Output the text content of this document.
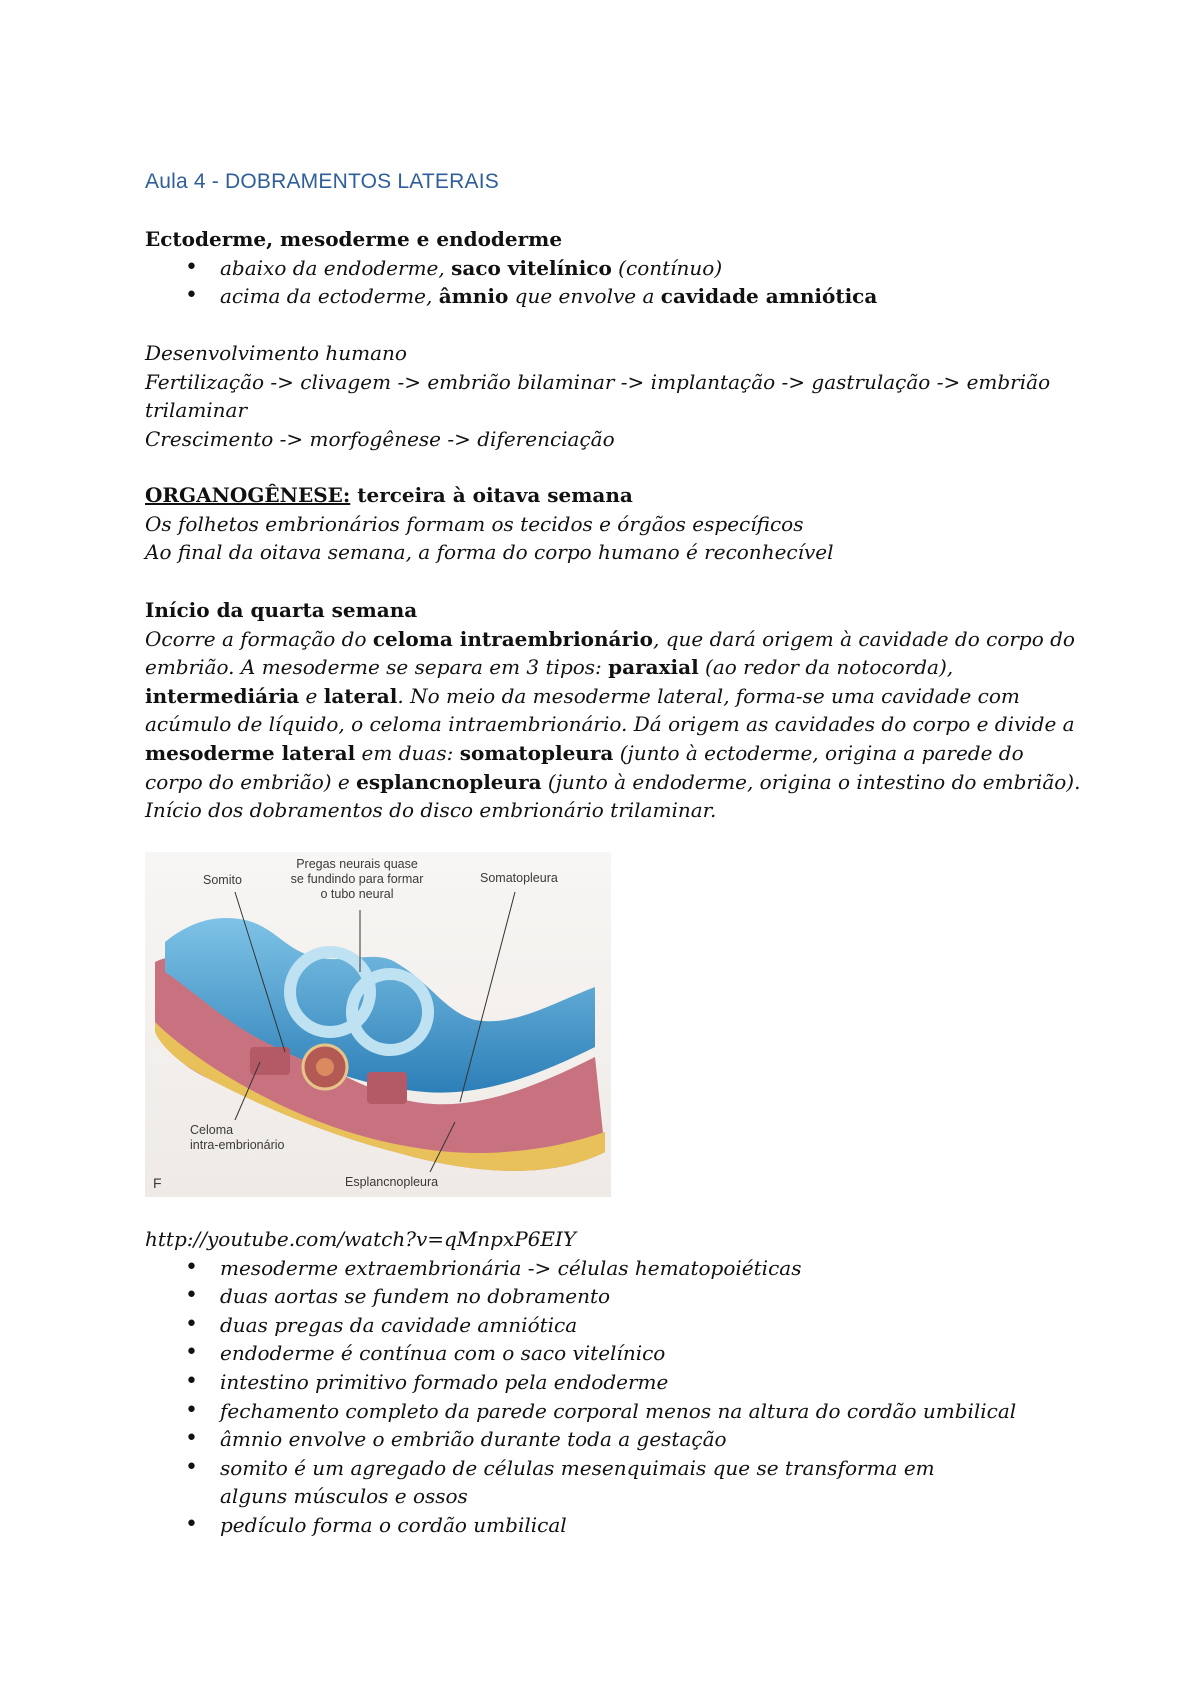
Aula 4 - DOBRAMENTOS LATERAIS
Ectoderme, mesoderme e endoderme
• abaixo da endoderme, saco vitelínico (contínuo)
• acima da ectoderme, âmnio que envolve a cavidade amniótica
Desenvolvimento humano
Fertilização -> clivagem -> embrião bilaminar -> implantação -> gastrulação -> embrião trilaminar
Crescimento -> morfogênese -> diferenciação
ORGANOGÊNESE: terceira à oitava semana
Os folhetos embrionários formam os tecidos e órgãos específicos
Ao final da oitava semana, a forma do corpo humano é reconhecível
Início da quarta semana
Ocorre a formação do celoma intraembrionário, que dará origem à cavidade do corpo do embrião. A mesoderme se separa em 3 tipos: paraxial (ao redor da notocorda), intermediária e lateral. No meio da mesoderme lateral, forma-se uma cavidade com acúmulo de líquido, o celoma intraembrionário. Dá origem as cavidades do corpo e divide a mesoderme lateral em duas: somatopleura (junto à ectoderme, origina a parede do corpo do embrião) e esplancnopleura (junto à endoderme, origina o intestino do embrião). Início dos dobramentos do disco embrionário trilaminar.
Somito
Pregas neurais quase
se fundindo para formar
o tubo neural
Somatopleura
Celoma
intra-embrionário
Esplancnopleura
F
http://youtube.com/watch?v=qMnpxP6EIY
• mesoderme extraembrionária -> células hematopoiéticas
• duas aortas se fundem no dobramento
• duas pregas da cavidade amniótica
• endoderme é contínua com o saco vitelínico
• intestino primitivo formado pela endoderme
• fechamento completo da parede corporal menos na altura do cordão umbilical
• âmnio envolve o embrião durante toda a gestação
• somito é um agregado de células mesenquimais que se transforma em alguns músculos e ossos
• pedículo forma o cordão umbilical
